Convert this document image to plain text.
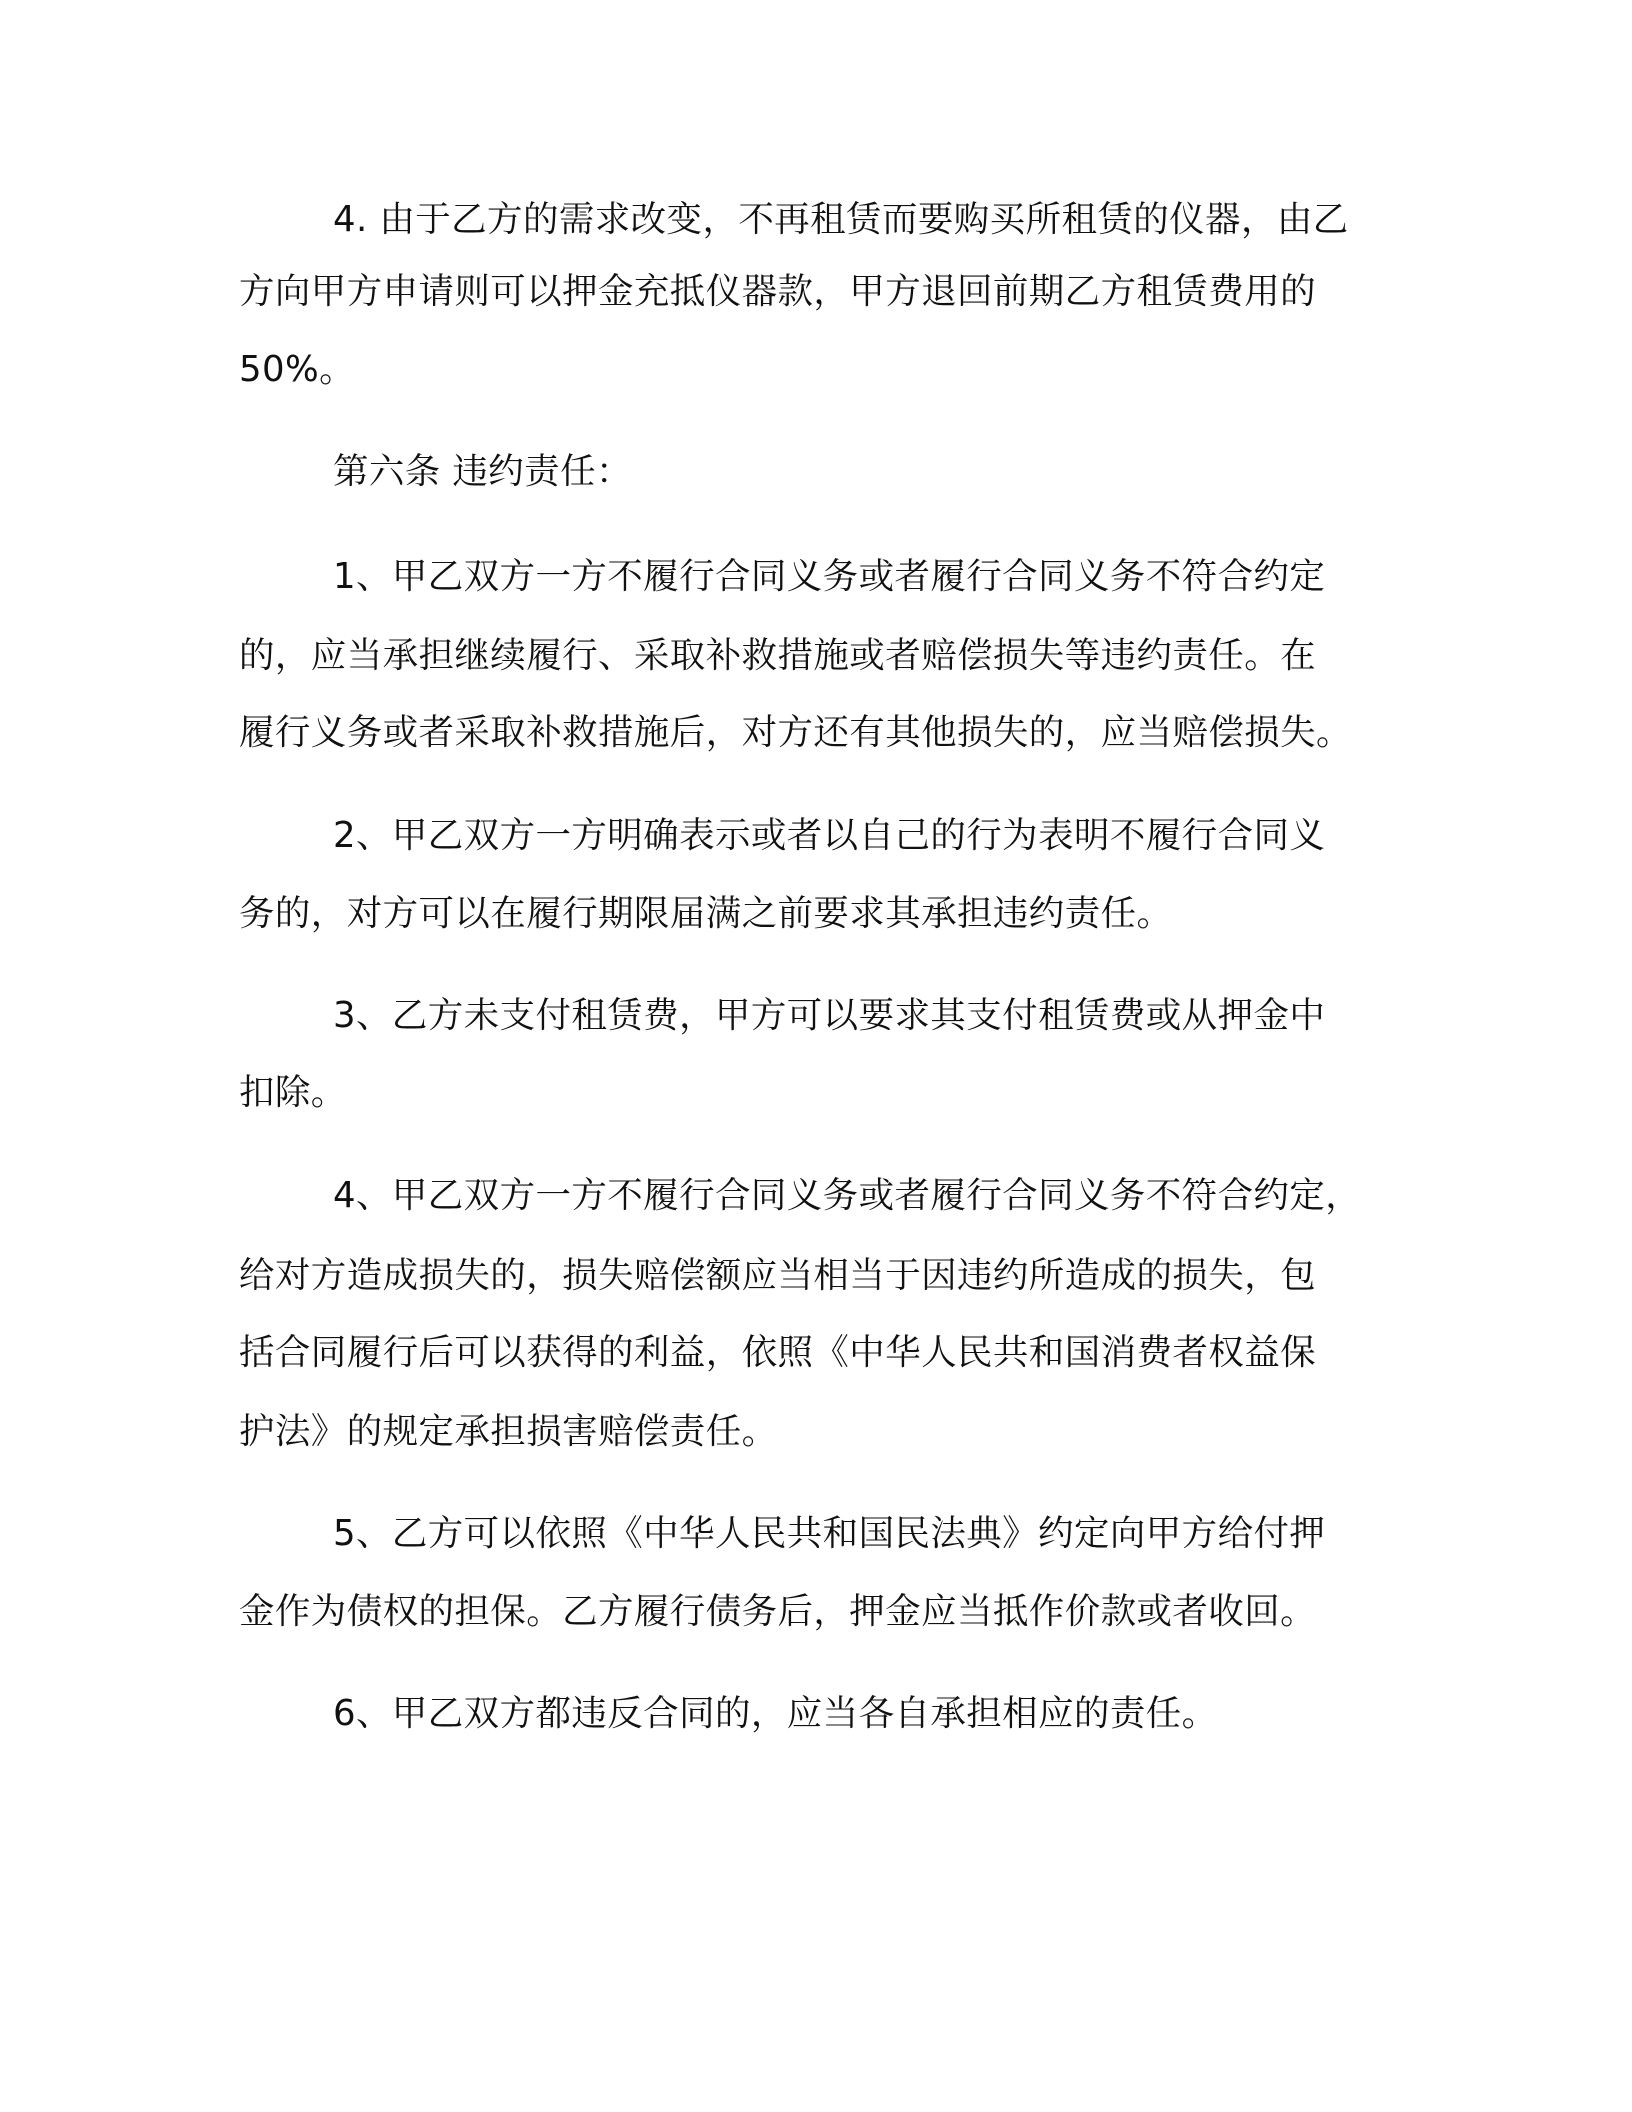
4. 由于乙方的需求改变，不再租赁而要购买所租赁的仪器，由乙
方向甲方申请则可以押金充抵仪器款，甲方退回前期乙方租赁费用的
50%。
第六条 违约责任：
1、甲乙双方一方不履行合同义务或者履行合同义务不符合约定
的，应当承担继续履行、采取补救措施或者赔偿损失等违约责任。在
履行义务或者采取补救措施后，对方还有其他损失的，应当赔偿损失。
2、甲乙双方一方明确表示或者以自己的行为表明不履行合同义
务的，对方可以在履行期限届满之前要求其承担违约责任。
3、乙方未支付租赁费，甲方可以要求其支付租赁费或从押金中
扣除。
4、甲乙双方一方不履行合同义务或者履行合同义务不符合约定，
给对方造成损失的，损失赔偿额应当相当于因违约所造成的损失，包
括合同履行后可以获得的利益，依照《中华人民共和国消费者权益保
护法》的规定承担损害赔偿责任。
5、乙方可以依照《中华人民共和国民法典》约定向甲方给付押
金作为债权的担保。乙方履行债务后，押金应当抵作价款或者收回。
6、甲乙双方都违反合同的，应当各自承担相应的责任。
